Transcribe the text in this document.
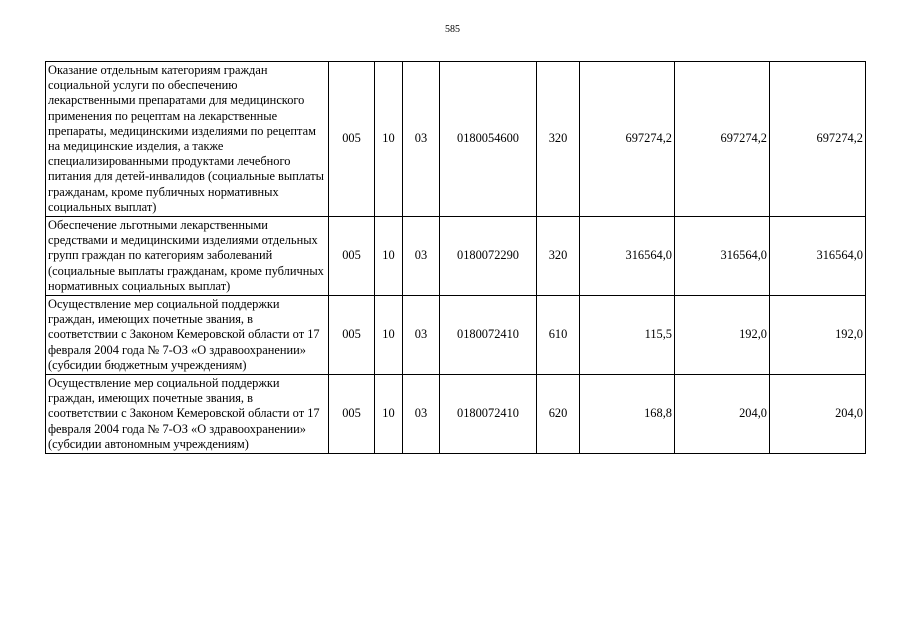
585
Оказание отдельным категориям граждан социальной услуги по обеспечению лекарственными препаратами для медицинского применения по рецептам на лекарственные препараты, медицинскими изделиями по рецептам на медицинские изделия, а также специализированными продуктами лечебного питания для детей-инвалидов (социальные выплаты гражданам, кроме публичных нормативных социальных выплат)	005	10	03	0180054600	320	697274,2	697274,2	697274,2
Обеспечение льготными лекарственными средствами и медицинскими изделиями отдельных групп граждан по категориям заболеваний (социальные выплаты гражданам, кроме публичных нормативных социальных выплат)	005	10	03	0180072290	320	316564,0	316564,0	316564,0
Осуществление мер социальной поддержки граждан, имеющих почетные звания, в соответствии с Законом Кемеровской области от 17 февраля 2004 года № 7-ОЗ «О здравоохранении» (субсидии бюджетным учреждениям)	005	10	03	0180072410	610	115,5	192,0	192,0
Осуществление мер социальной поддержки граждан, имеющих почетные звания, в соответствии с Законом Кемеровской области от 17 февраля 2004 года № 7-ОЗ «О здравоохранении» (субсидии автономным учреждениям)	005	10	03	0180072410	620	168,8	204,0	204,0
